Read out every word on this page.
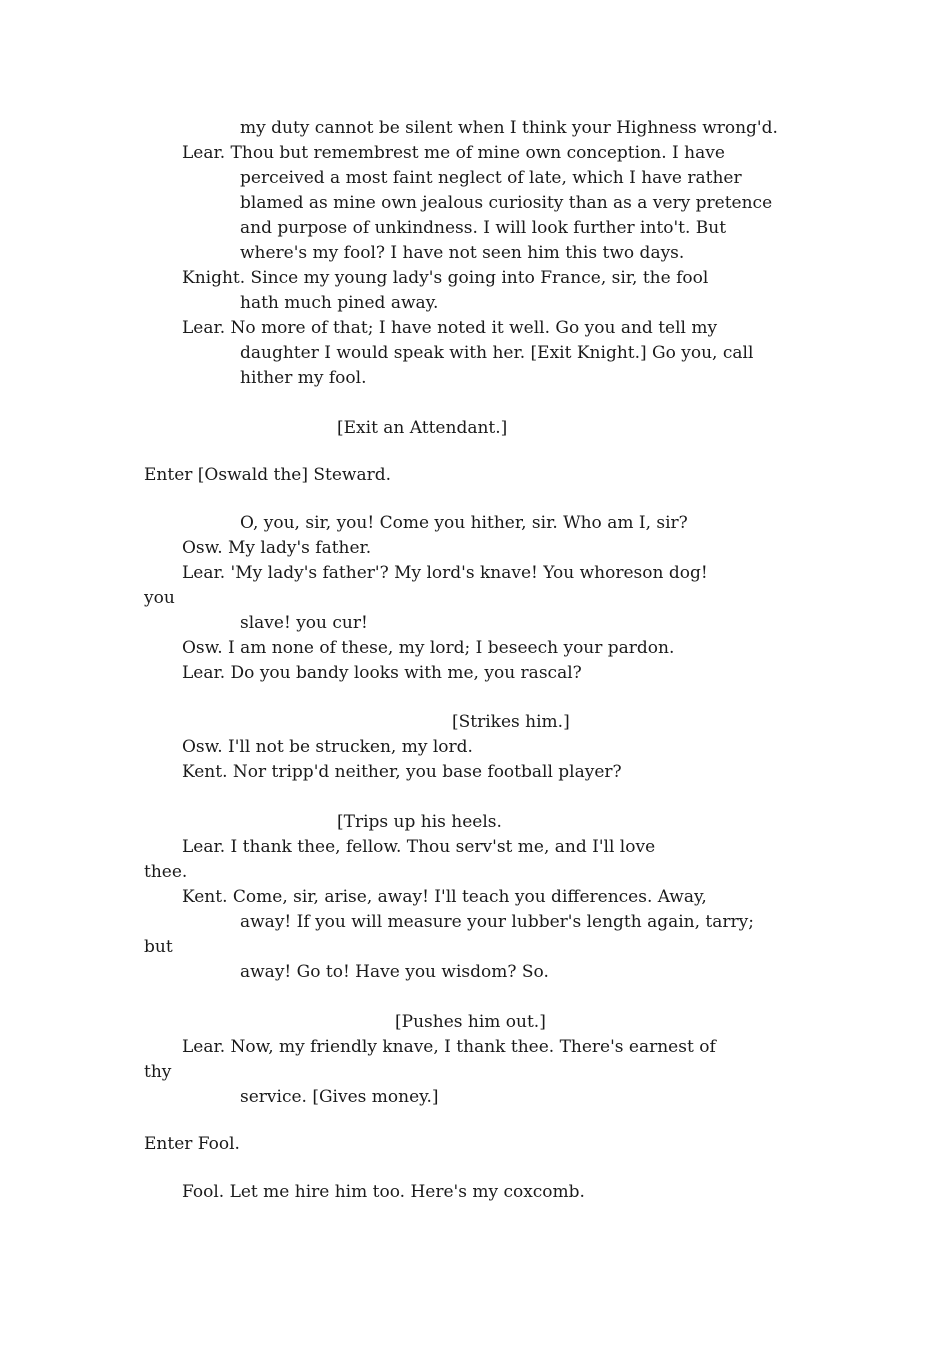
my duty cannot be silent when I think your Highness wrong'd.
Lear. Thou but remembrest me of mine own conception. I have
perceived a most faint neglect of late, which I have rather
blamed as mine own jealous curiosity than as a very pretence
and purpose of unkindness. I will look further into't. But
where's my fool? I have not seen him this two days.
Knight. Since my young lady's going into France, sir, the fool
hath much pined away.
Lear. No more of that; I have noted it well. Go you and tell my
daughter I would speak with her. [Exit Knight.] Go you, call
hither my fool.
[Exit an Attendant.]
Enter [Oswald the] Steward.
O, you, sir, you! Come you hither, sir. Who am I, sir?
Osw. My lady's father.
Lear. 'My lady's father'? My lord's knave! You whoreson dog!
you
slave! you cur!
Osw. I am none of these, my lord; I beseech your pardon.
Lear. Do you bandy looks with me, you rascal?
[Strikes him.]
Osw. I'll not be strucken, my lord.
Kent. Nor tripp'd neither, you base football player?
[Trips up his heels.
Lear. I thank thee, fellow. Thou serv'st me, and I'll love
thee.
Kent. Come, sir, arise, away! I'll teach you differences. Away,
away! If you will measure your lubber's length again, tarry;
but
away! Go to! Have you wisdom? So.
[Pushes him out.]
Lear. Now, my friendly knave, I thank thee. There's earnest of
thy
service. [Gives money.]
Enter Fool.
Fool. Let me hire him too. Here's my coxcomb.
